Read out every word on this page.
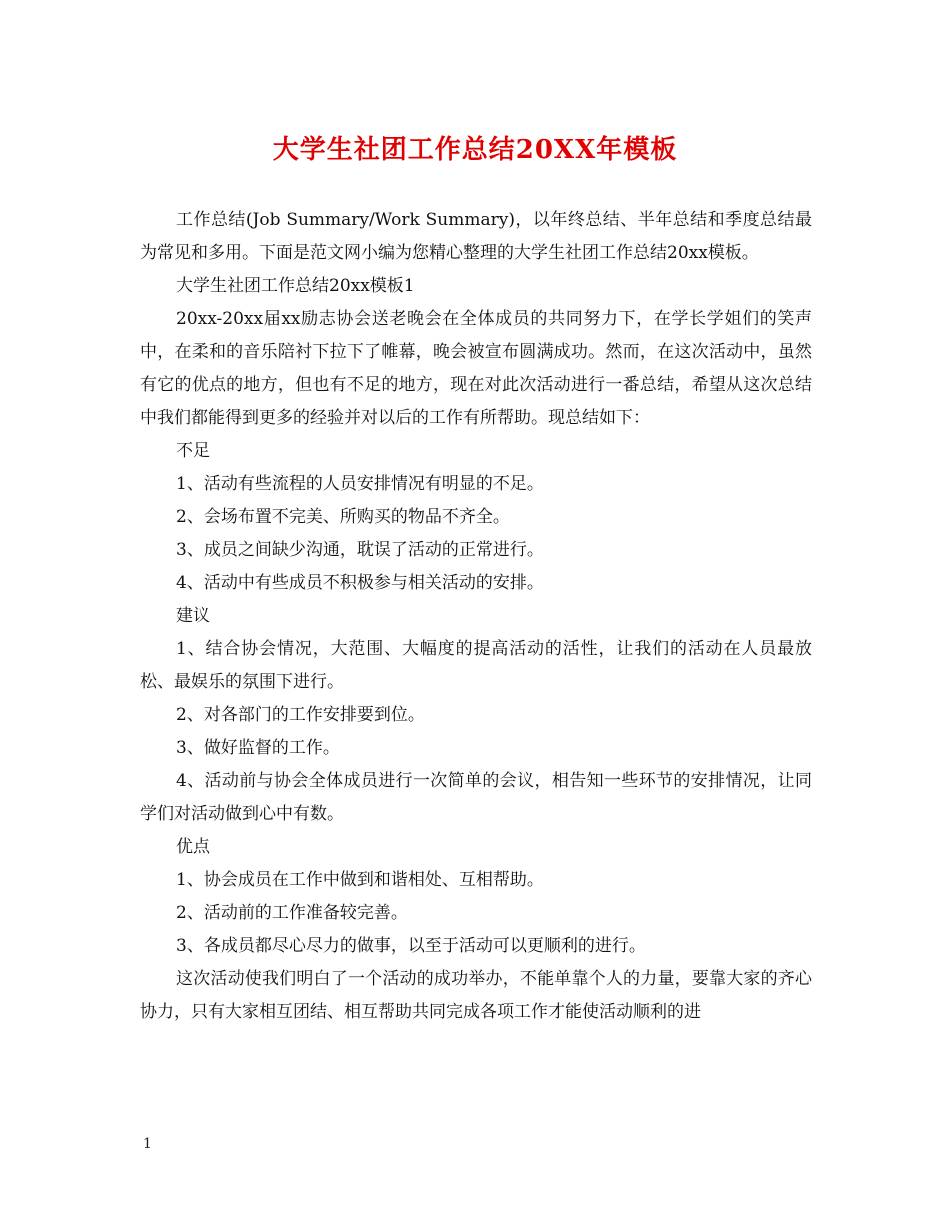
大学生社团工作总结20XX年模板

工作总结(Job Summary/Work Summary)，以年终总结、半年总结和季度总结最为常见和多用。下面是范文网小编为您精心整理的大学生社团工作总结20xx模板。

大学生社团工作总结20xx模板1

20xx-20xx届xx励志协会送老晚会在全体成员的共同努力下，在学长学姐们的笑声中，在柔和的音乐陪衬下拉下了帷幕，晚会被宣布圆满成功。然而，在这次活动中，虽然有它的优点的地方，但也有不足的地方，现在对此次活动进行一番总结，希望从这次总结中我们都能得到更多的经验并对以后的工作有所帮助。现总结如下：

不足

1、活动有些流程的人员安排情况有明显的不足。

2、会场布置不完美、所购买的物品不齐全。

3、成员之间缺少沟通，耽误了活动的正常进行。

4、活动中有些成员不积极参与相关活动的安排。

建议

1、结合协会情况，大范围、大幅度的提高活动的活性，让我们的活动在人员最放松、最娱乐的氛围下进行。

2、对各部门的工作安排要到位。

3、做好监督的工作。

4、活动前与协会全体成员进行一次简单的会议，相告知一些环节的安排情况，让同学们对活动做到心中有数。

优点

1、协会成员在工作中做到和谐相处、互相帮助。

2、活动前的工作准备较完善。

3、各成员都尽心尽力的做事，以至于活动可以更顺利的进行。

这次活动使我们明白了一个活动的成功举办，不能单靠个人的力量，要靠大家的齐心协力，只有大家相互团结、相互帮助共同完成各项工作才能使活动顺利的进

1
